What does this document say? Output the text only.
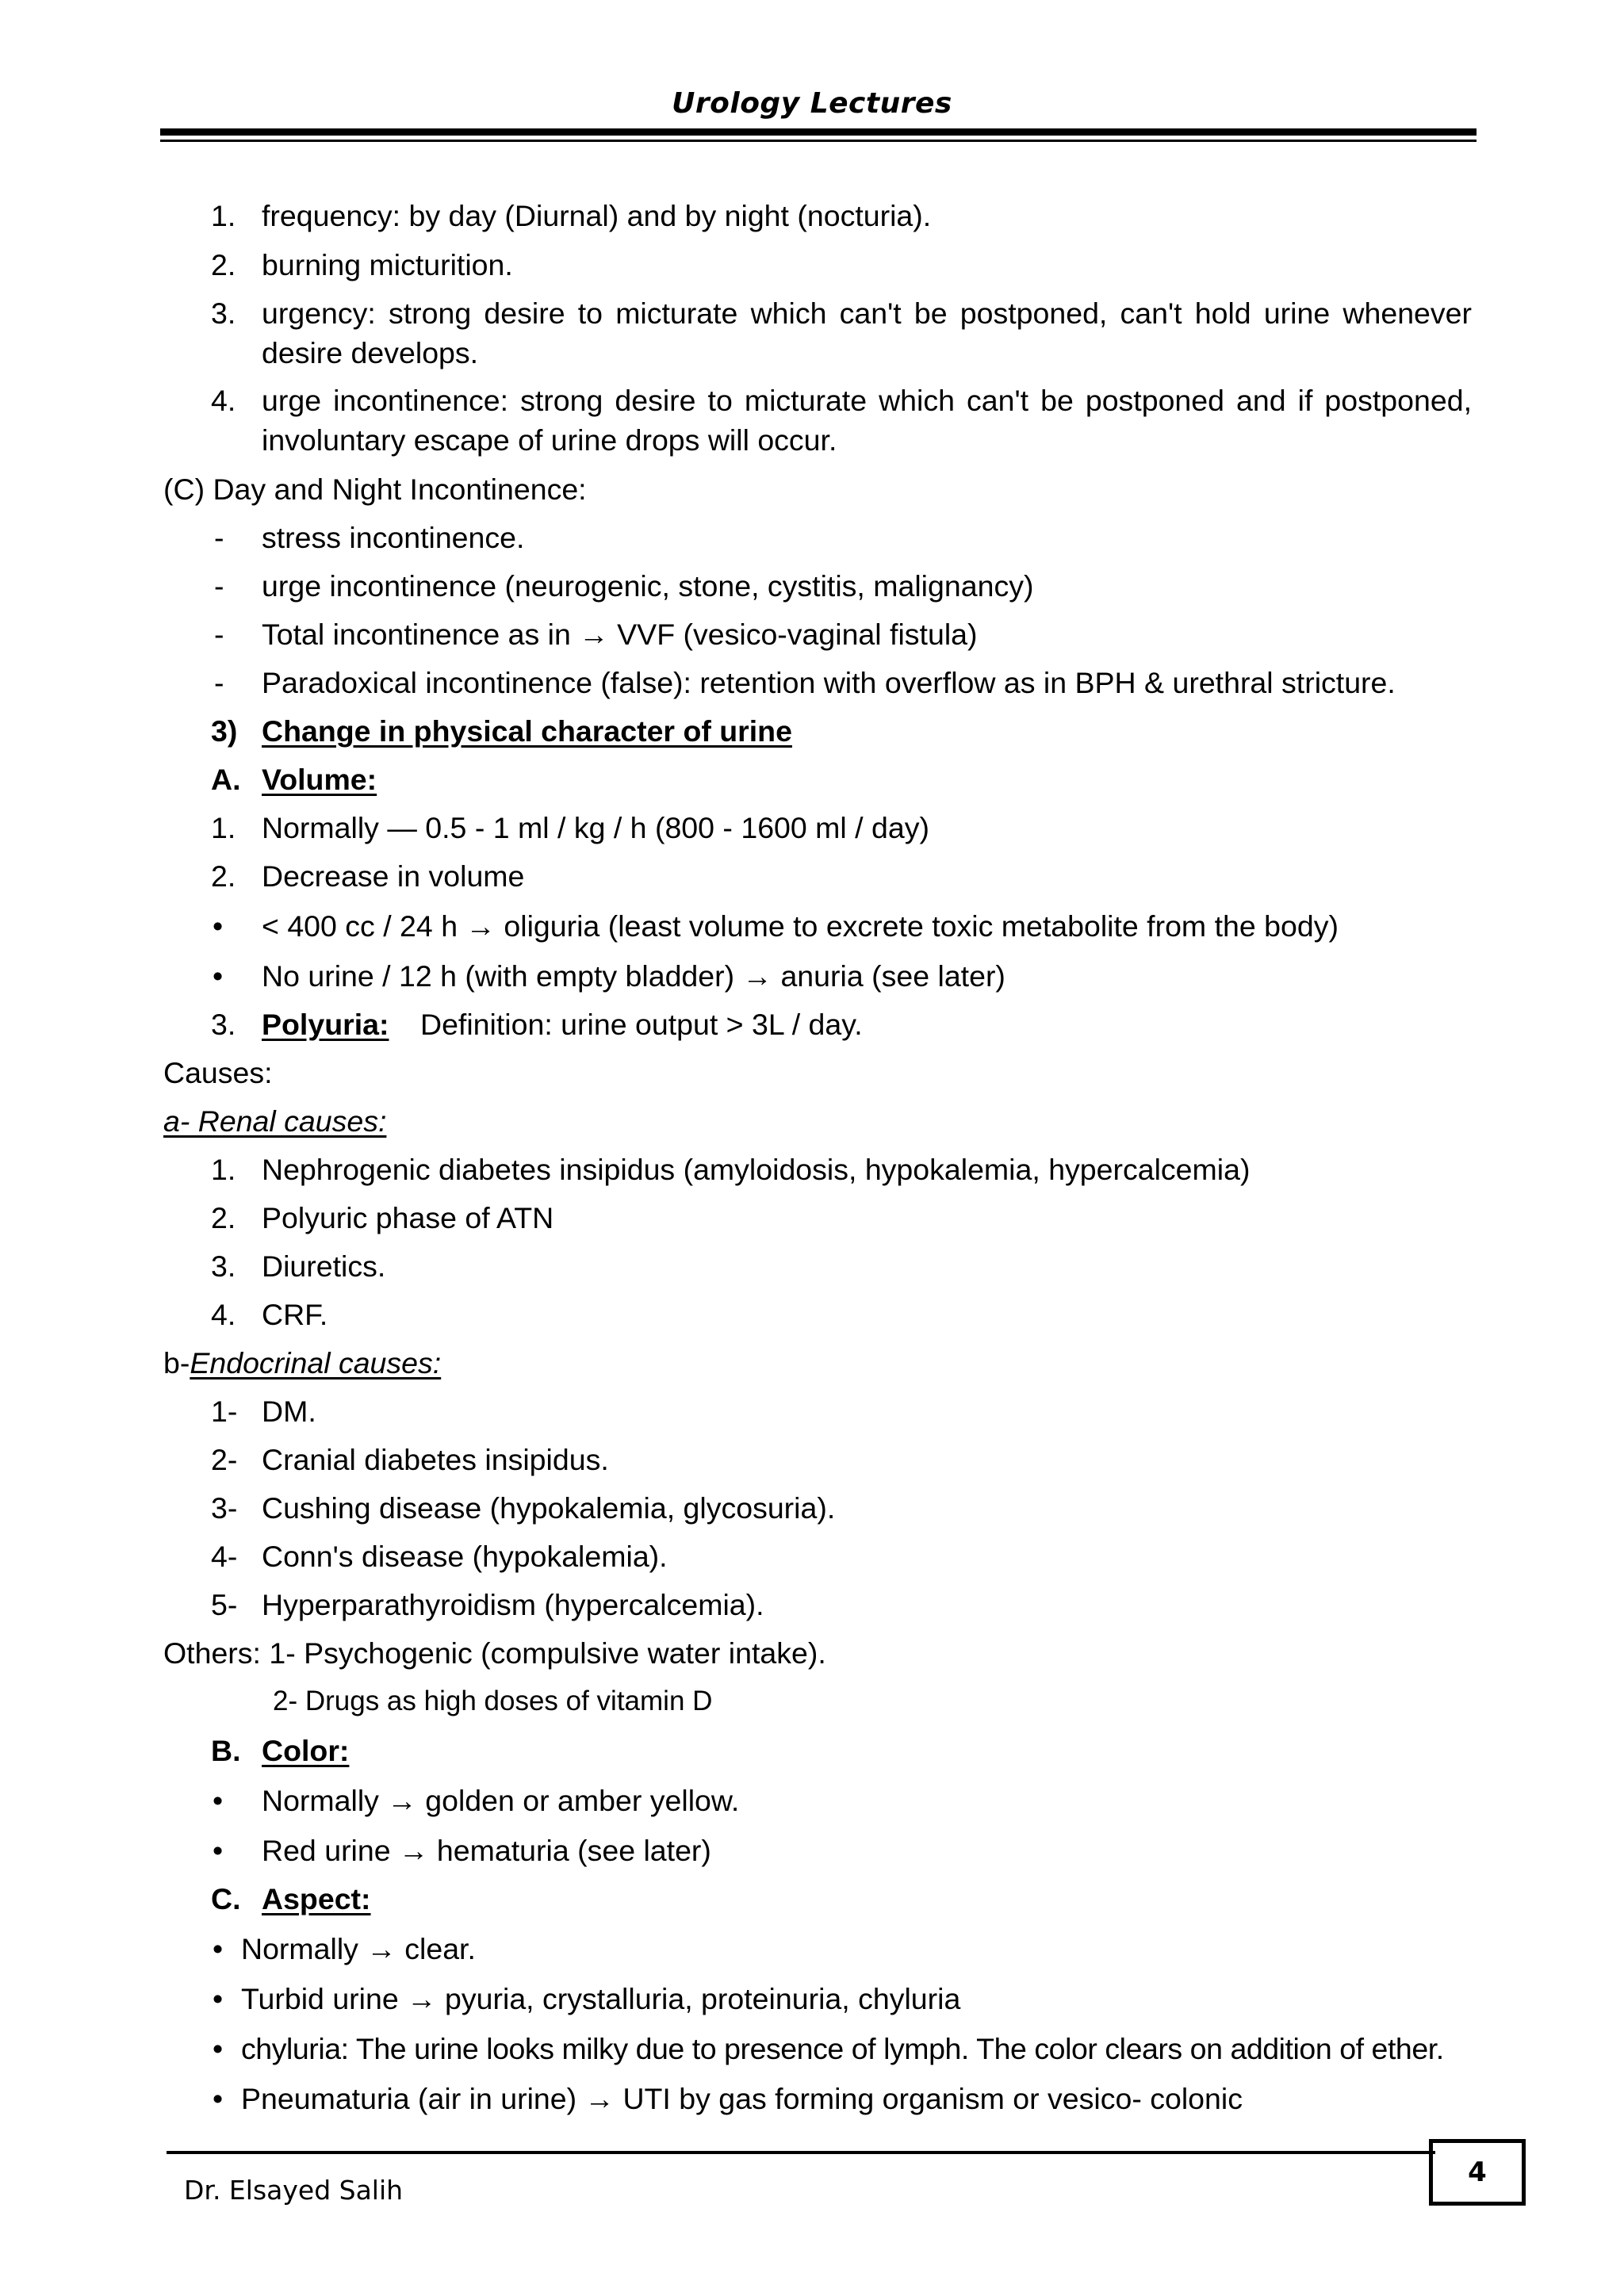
Urology Lectures
1. frequency: by day (Diurnal) and by night (nocturia).
2. burning micturition.
3. urgency: strong desire to micturate which can't be postponed, can't hold urine whenever
desire develops.
4. urge incontinence: strong desire to micturate which can't be postponed and if postponed,
involuntary escape of urine drops will occur.
(C) Day and Night Incontinence:
- stress incontinence.
- urge incontinence (neurogenic, stone, cystitis, malignancy)
- Total incontinence as in → VVF (vesico-vaginal fistula)
- Paradoxical incontinence (false): retention with overflow as in BPH & urethral stricture.
3) Change in physical character of urine
A. Volume:
1. Normally — 0.5 - 1 ml / kg / h (800 - 1600 ml / day)
2. Decrease in volume
• < 400 cc / 24 h → oliguria (least volume to excrete toxic metabolite from the body)
• No urine / 12 h (with empty bladder) → anuria (see later)
3. Polyuria: Definition: urine output > 3L / day.
Causes:
a- Renal causes:
1. Nephrogenic diabetes insipidus (amyloidosis, hypokalemia, hypercalcemia)
2. Polyuric phase of ATN
3. Diuretics.
4. CRF.
b-Endocrinal causes:
1- DM.
2- Cranial diabetes insipidus.
3- Cushing disease (hypokalemia, glycosuria).
4- Conn's disease (hypokalemia).
5- Hyperparathyroidism (hypercalcemia).
Others: 1- Psychogenic (compulsive water intake).
2- Drugs as high doses of vitamin D
B. Color:
• Normally → golden or amber yellow.
• Red urine → hematuria (see later)
C. Aspect:
• Normally → clear.
• Turbid urine → pyuria, crystalluria, proteinuria, chyluria
• chyluria: The urine looks milky due to presence of lymph. The color clears on addition of ether.
• Pneumaturia (air in urine) → UTI by gas forming organism or vesico- colonic
Dr. Elsayed Salih
4
